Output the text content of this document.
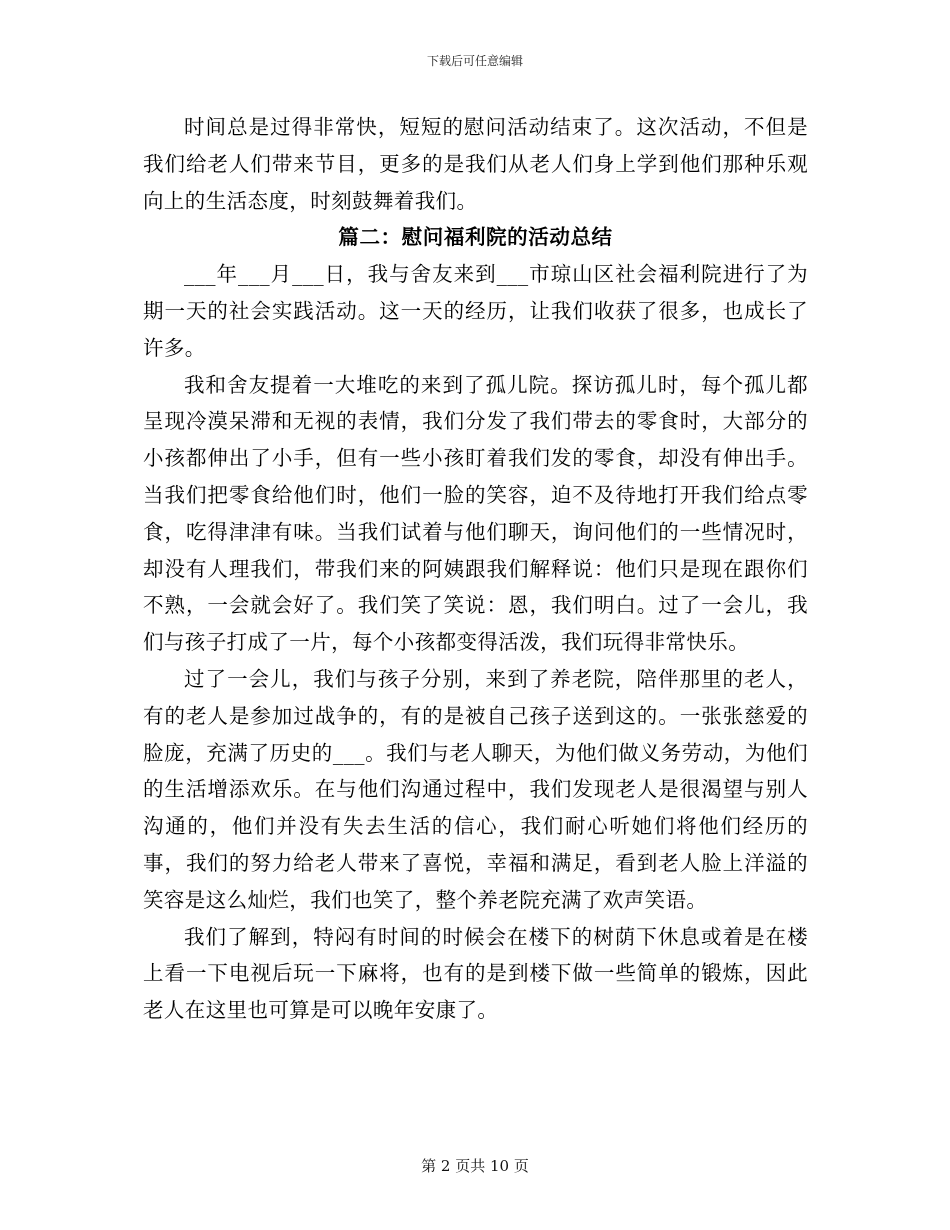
下载后可任意编辑

时间总是过得非常快，短短的慰问活动结束了。这次活动，不但是我们给老人们带来节目，更多的是我们从老人们身上学到他们那种乐观向上的生活态度，时刻鼓舞着我们。

篇二：慰问福利院的活动总结

___年___月___日，我与舍友来到___市琼山区社会福利院进行了为期一天的社会实践活动。这一天的经历，让我们收获了很多，也成长了许多。

我和舍友提着一大堆吃的来到了孤儿院。探访孤儿时，每个孤儿都呈现冷漠呆滞和无视的表情，我们分发了我们带去的零食时，大部分的小孩都伸出了小手，但有一些小孩盯着我们发的零食，却没有伸出手。当我们把零食给他们时，他们一脸的笑容，迫不及待地打开我们给点零食，吃得津津有味。当我们试着与他们聊天，询问他们的一些情况时，却没有人理我们，带我们来的阿姨跟我们解释说：他们只是现在跟你们不熟，一会就会好了。我们笑了笑说：恩，我们明白。过了一会儿，我们与孩子打成了一片，每个小孩都变得活泼，我们玩得非常快乐。

过了一会儿，我们与孩子分别，来到了养老院，陪伴那里的老人，有的老人是参加过战争的，有的是被自己孩子送到这的。一张张慈爱的脸庞，充满了历史的___。我们与老人聊天，为他们做义务劳动，为他们的生活增添欢乐。在与他们沟通过程中，我们发现老人是很渴望与别人沟通的，他们并没有失去生活的信心，我们耐心听她们将他们经历的事，我们的努力给老人带来了喜悦，幸福和满足，看到老人脸上洋溢的笑容是这么灿烂，我们也笑了，整个养老院充满了欢声笑语。

我们了解到，特闷有时间的时候会在楼下的树荫下休息或着是在楼上看一下电视后玩一下麻将，也有的是到楼下做一些简单的锻炼，因此老人在这里也可算是可以晚年安康了。

第 2 页共 10 页
